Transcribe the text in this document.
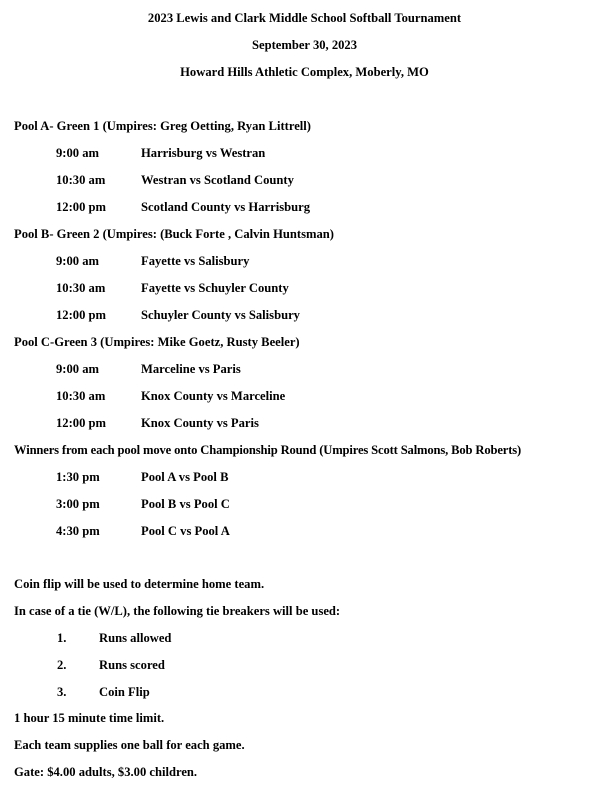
2023 Lewis and Clark Middle School Softball Tournament
September 30, 2023
Howard Hills Athletic Complex, Moberly, MO
Pool A- Green 1 (Umpires: Greg Oetting, Ryan Littrell)
9:00 am	Harrisburg vs Westran
10:30 am	Westran vs Scotland County
12:00 pm	Scotland County vs Harrisburg
Pool B- Green 2 (Umpires: (Buck Forte , Calvin Huntsman)
9:00 am	Fayette vs Salisbury
10:30 am	Fayette vs Schuyler County
12:00 pm	Schuyler County vs Salisbury
Pool C-Green 3 (Umpires: Mike Goetz, Rusty Beeler)
9:00 am	Marceline vs Paris
10:30 am	Knox County vs Marceline
12:00 pm	Knox County vs Paris
Winners from each pool move onto Championship Round (Umpires Scott Salmons, Bob Roberts)
1:30 pm	Pool A vs Pool B
3:00 pm	Pool B vs Pool C
4:30 pm	Pool C vs Pool A
Coin flip will be used to determine home team.
In case of a tie (W/L), the following tie breakers will be used:
1.	Runs allowed
2.	Runs scored
3.	Coin Flip
1 hour 15 minute time limit.
Each team supplies one ball for each game.
Gate: $4.00 adults, $3.00 children.
